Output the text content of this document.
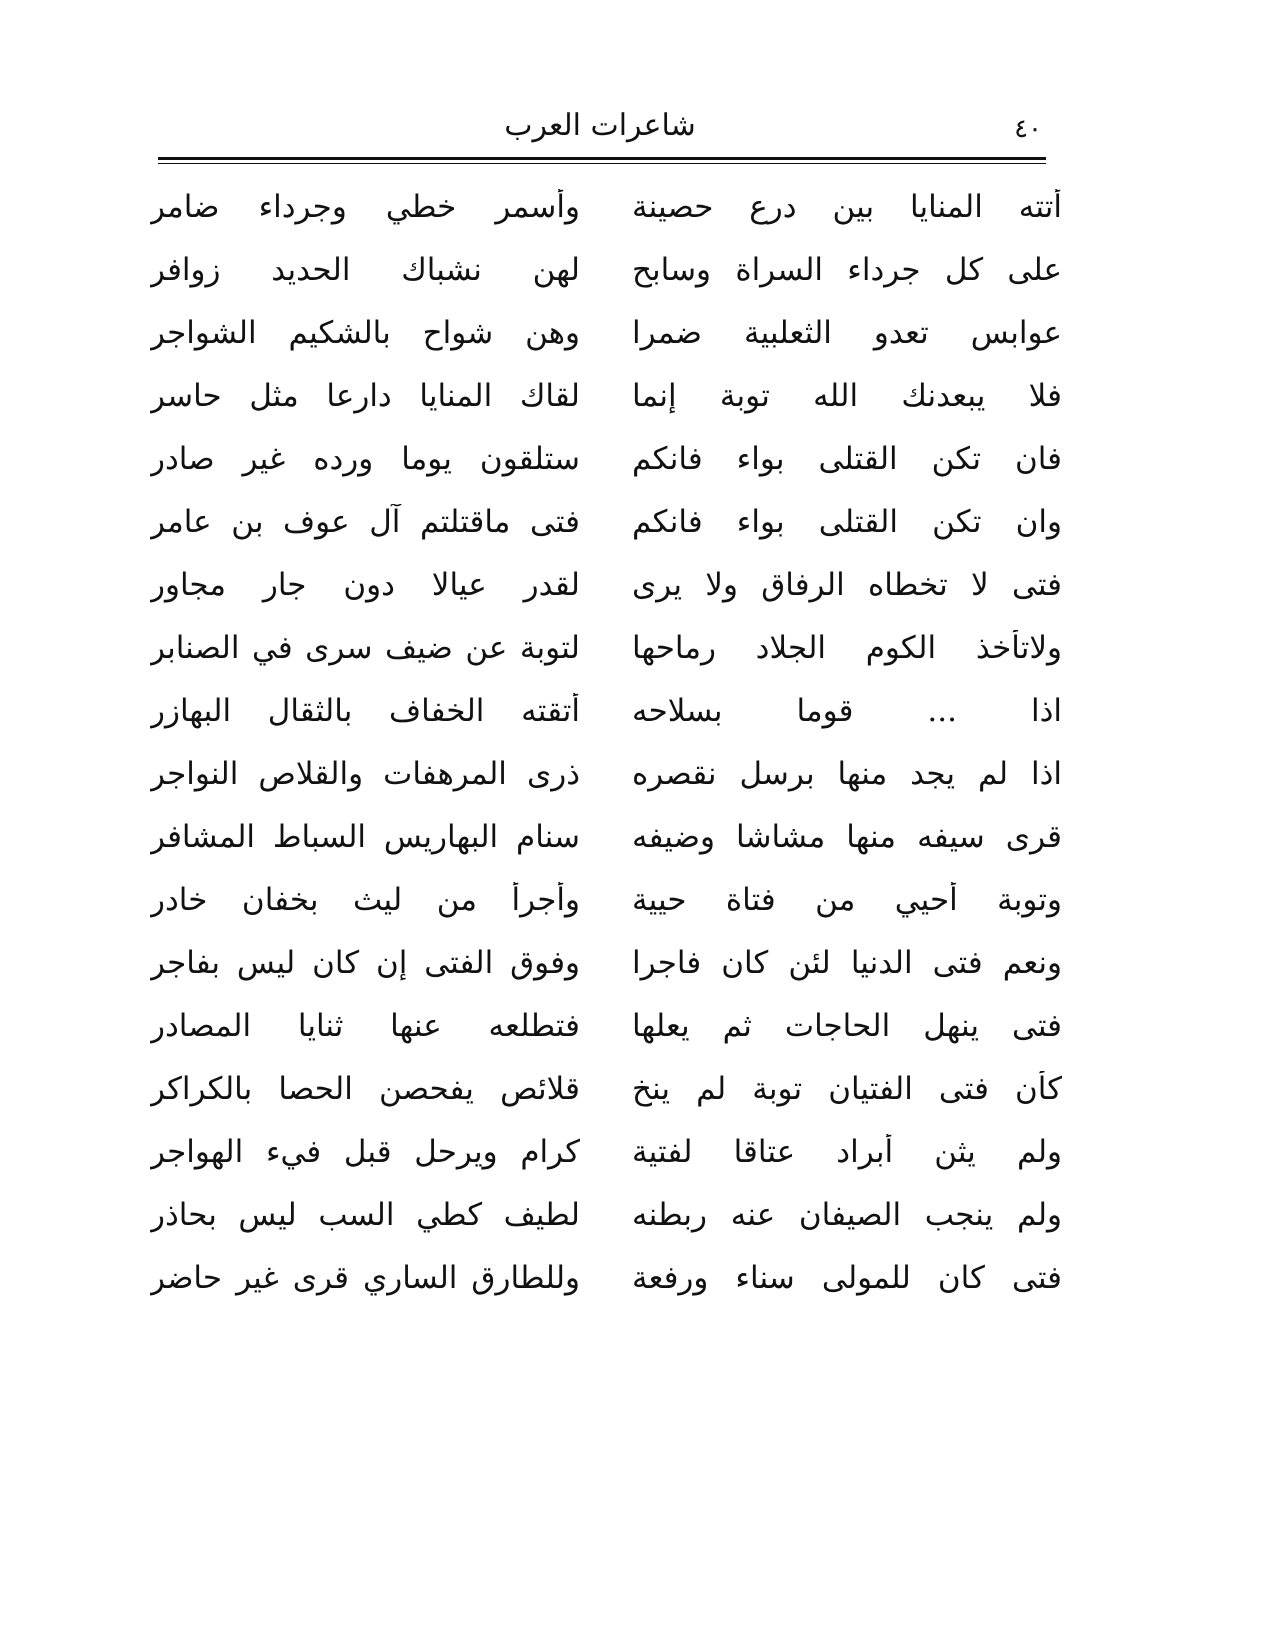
٤٠
شاعرات العرب
أتته المنايا بين درع حصينة
وأسمر خطي وجرداء ضامر
على كل جرداء السراة وسابح
لهن نشباك الحديد زوافر
عوابس تعدو الثعلبية ضمرا
وهن شواح بالشكيم الشواجر
فلا يبعدنك الله توبة إنما
لقاك المنايا دارعا مثل حاسر
فان تكن القتلى بواء فانكم
ستلقون يوما ورده غير صادر
وان تكن القتلى بواء فانكم
فتى ماقتلتم آل عوف بن عامر
فتى لا تخطاه الرفاق ولا يرى
لقدر عيالا دون جار مجاور
ولاتأخذ الكوم الجلاد رماحها
لتوبة عن ضيف سرى في الصنابر
اذا ... قوما بسلاحه
أتقته الخفاف بالثقال البهازر
اذا لم يجد منها برسل نقصره
ذرى المرهفات والقلاص النواجر
قرى سيفه منها مشاشا وضيفه
سنام البهاريس السباط المشافر
وتوبة أحيي من فتاة حيية
وأجرأ من ليث بخفان خادر
ونعم فتى الدنيا لئن كان فاجرا
وفوق الفتى إن كان ليس بفاجر
فتى ينهل الحاجات ثم يعلها
فتطلعه عنها ثنايا المصادر
كأن فتى الفتيان توبة لم ينخ
قلائص يفحصن الحصا بالكراكر
ولم يثن أبراد عتاقا لفتية
كرام ويرحل قبل فيء الهواجر
ولم ينجب الصيفان عنه ربطنه
لطيف كطي السب ليس بحاذر
فتى كان للمولى سناء ورفعة
وللطارق الساري قرى غير حاضر
